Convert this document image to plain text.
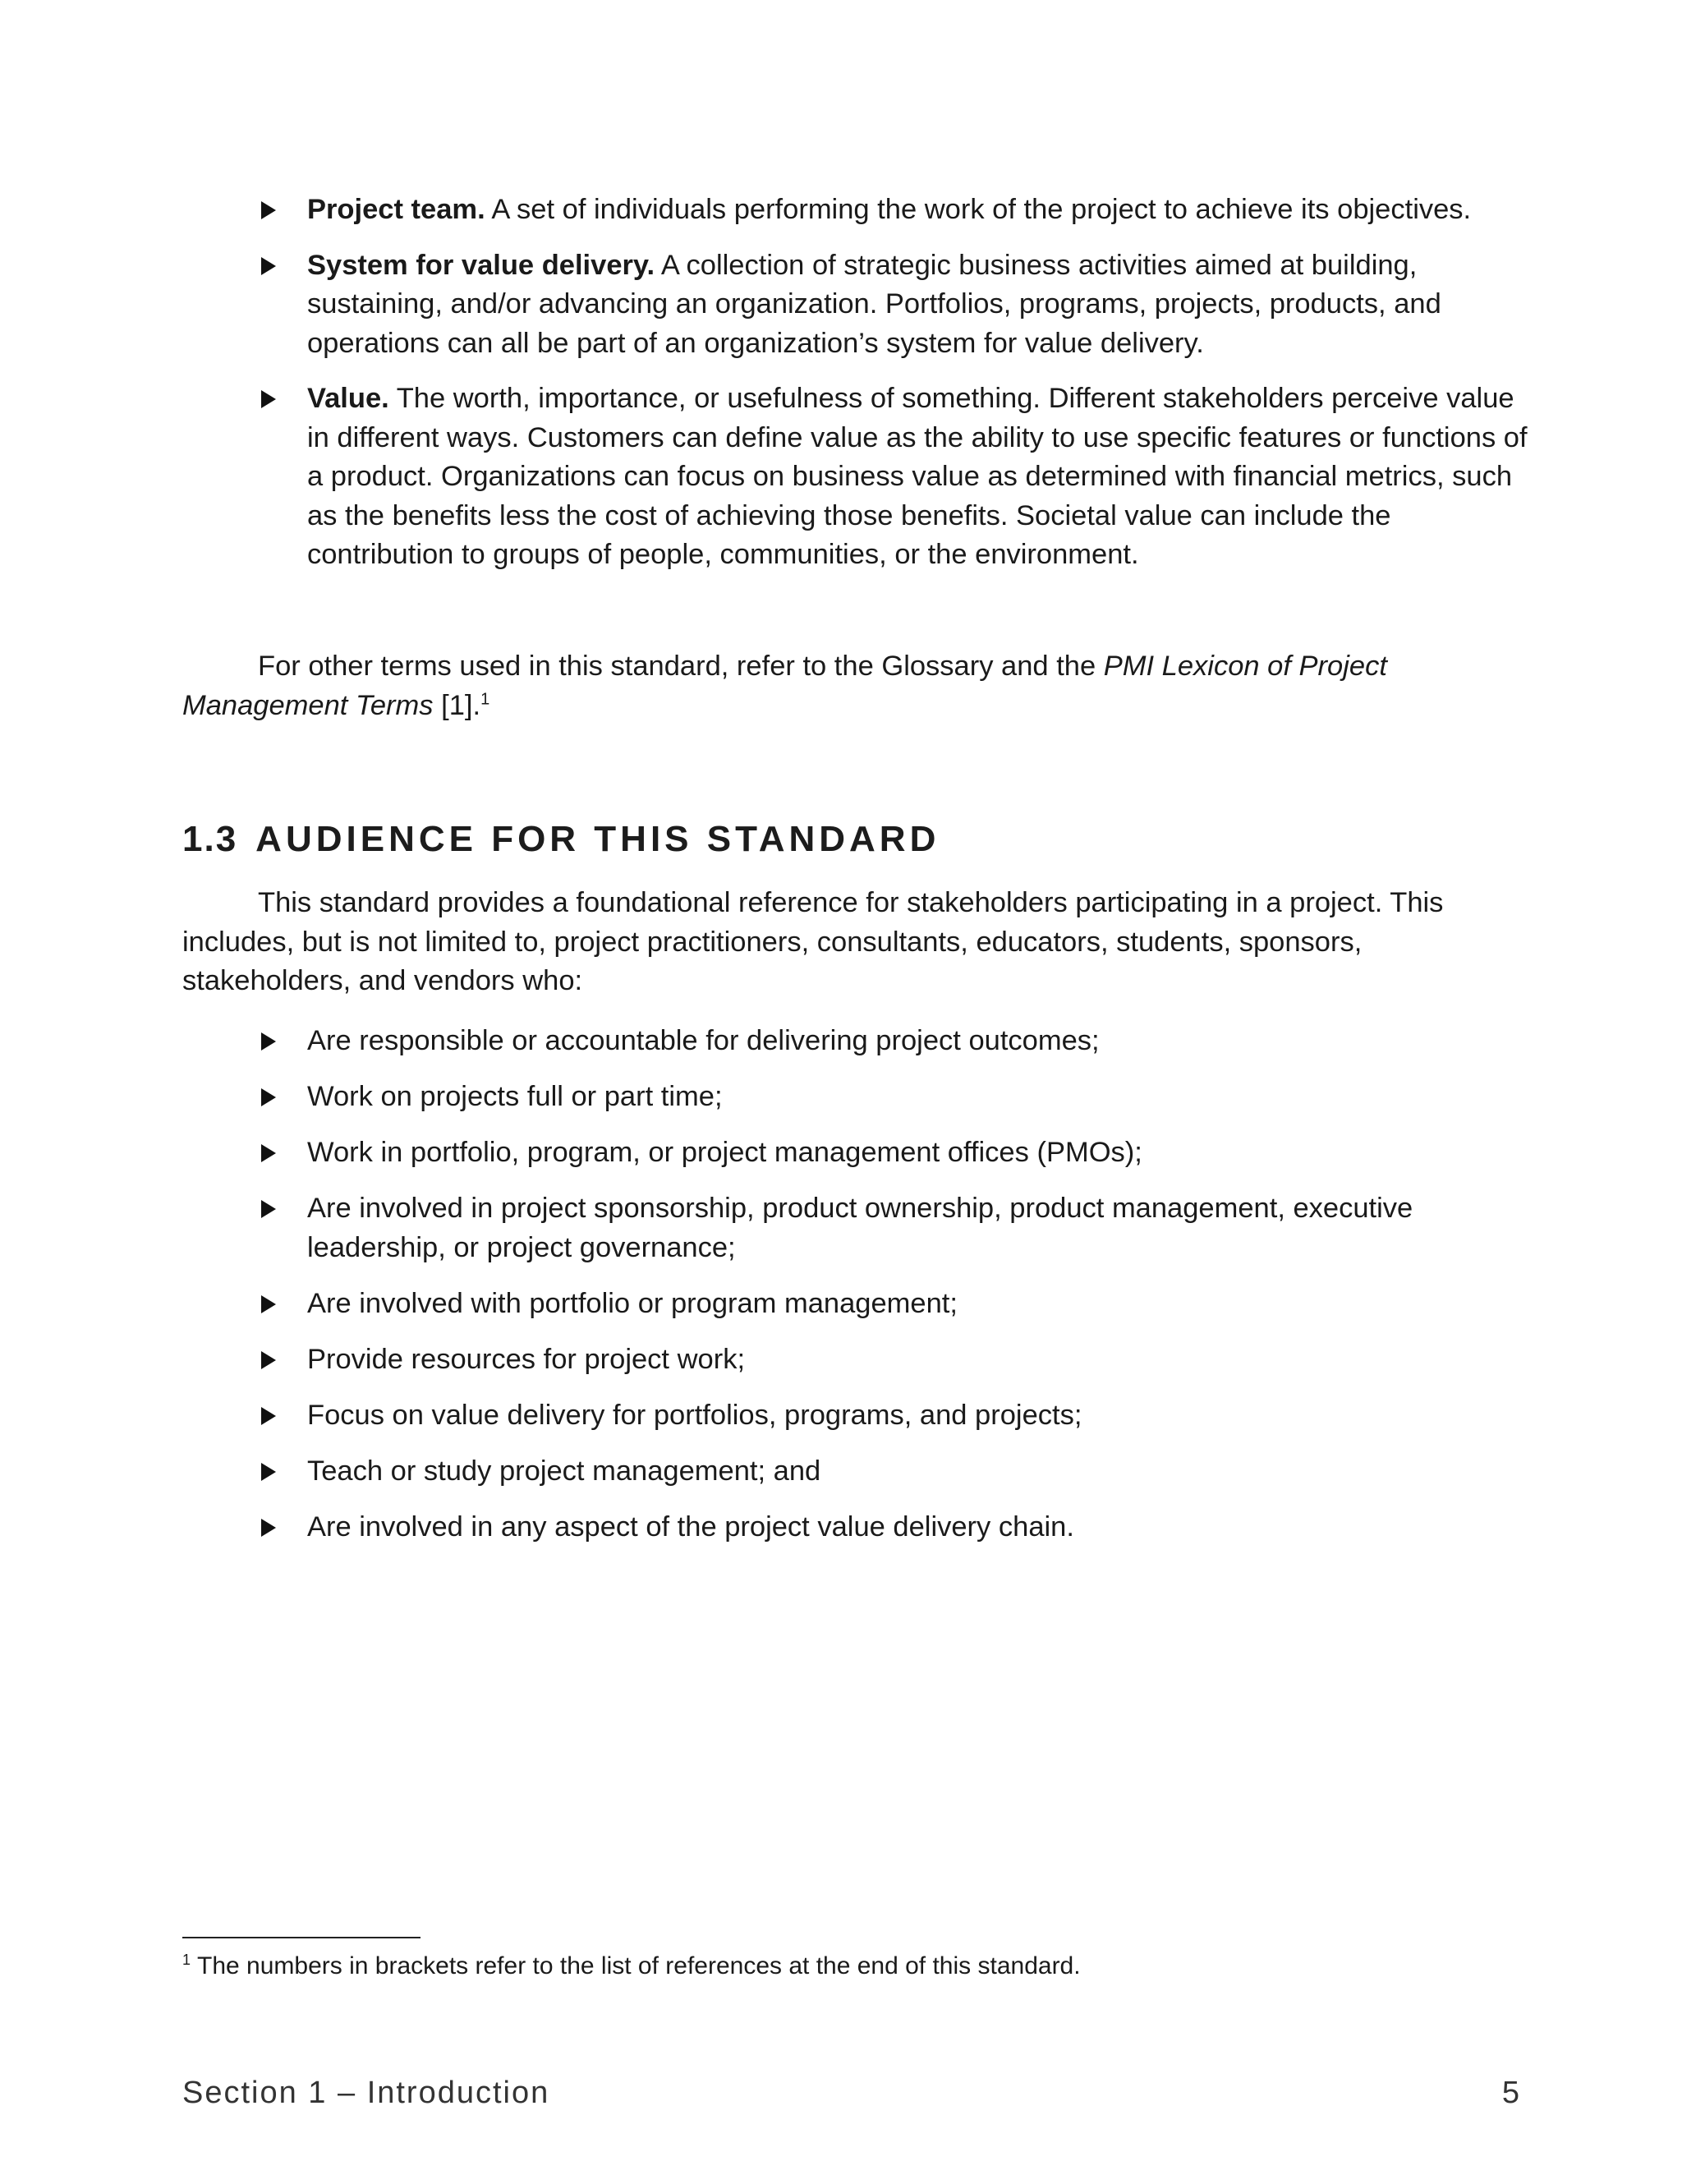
Project team. A set of individuals performing the work of the project to achieve its objectives.
System for value delivery. A collection of strategic business activities aimed at building, sustaining, and/or advancing an organization. Portfolios, programs, projects, products, and operations can all be part of an organization’s system for value delivery.
Value. The worth, importance, or usefulness of something. Different stakeholders perceive value in different ways. Customers can define value as the ability to use specific features or functions of a product. Organizations can focus on business value as determined with financial metrics, such as the benefits less the cost of achieving those benefits. Societal value can include the contribution to groups of people, communities, or the environment.

For other terms used in this standard, refer to the Glossary and the PMI Lexicon of Project Management Terms [1].$^1$

1.3 AUDIENCE FOR THIS STANDARD

This standard provides a foundational reference for stakeholders participating in a project. This includes, but is not limited to, project practitioners, consultants, educators, students, sponsors, stakeholders, and vendors who:

Are responsible or accountable for delivering project outcomes;
Work on projects full or part time;
Work in portfolio, program, or project management offices (PMOs);
Are involved in project sponsorship, product ownership, product management, executive leadership, or project governance;
Are involved with portfolio or program management;
Provide resources for project work;
Focus on value delivery for portfolios, programs, and projects;
Teach or study project management; and
Are involved in any aspect of the project value delivery chain.

$^1$ The numbers in brackets refer to the list of references at the end of this standard.

Section 1 – Introduction	5
